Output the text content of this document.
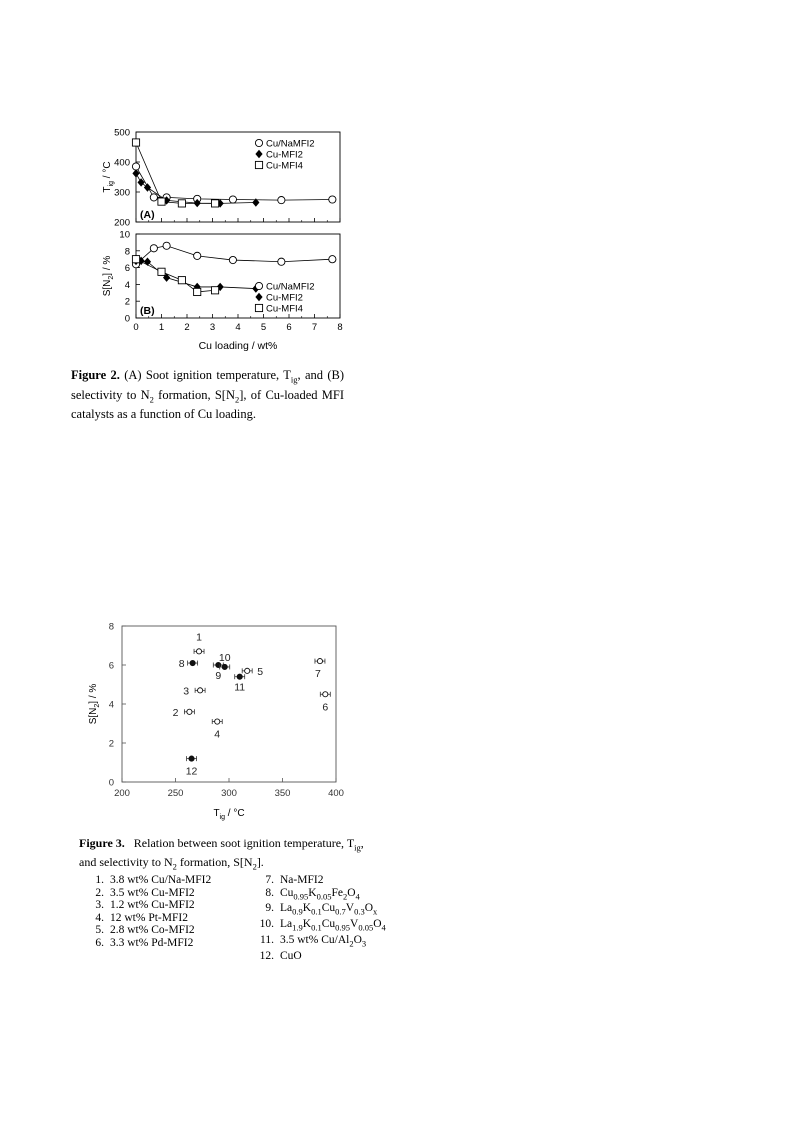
200
300
400
500
Cu/NaMFI2
Cu-MFI2
Cu-MFI4
(A)
$T_{ig} / ^\circ C$
0 1 2 3 4 5 6 7 8
0
2
4
6
8
10
Cu/NaMFI2
Cu-MFI2
Cu-MFI4
(B)
$S[N_2]$ / %
Cu loading / wt%
Figure 2. (A) Soot ignition temperature, $T_{ig}$, and (B) selectivity to $N_2$ formation, $S[N_2]$, of Cu-loaded MFI catalysts as a function of Cu loading.
200	250	300	350	400
0
2
4
6
8
1
2
3
4
5
6
7
8
9
10
11
12
$S[N_2]$ / %
$T_{ig} / ^\circ C$
Figure 3.   Relation between soot ignition temperature, $T_{ig}$, and selectivity to $N_2$ formation, $S[N_2]$.
1. 3.8 wt% Cu/Na-MFI2
2. 3.5 wt% Cu-MFI2
3. 1.2 wt% Cu-MFI2
4. 12 wt% Pt-MFI2
5. 2.8 wt% Co-MFI2
6. 3.3 wt% Pd-MFI2
7. Na-MFI2
8. $Cu_{0.95}K_{0.05}Fe_2O_4$
9. $La_{0.9}K_{0.1}Cu_{0.7}V_{0.3}O_x$
10. $La_{1.9}K_{0.1}Cu_{0.95}V_{0.05}O_4$
11. 3.5 wt% $Cu/Al_2O_3$
12. CuO
